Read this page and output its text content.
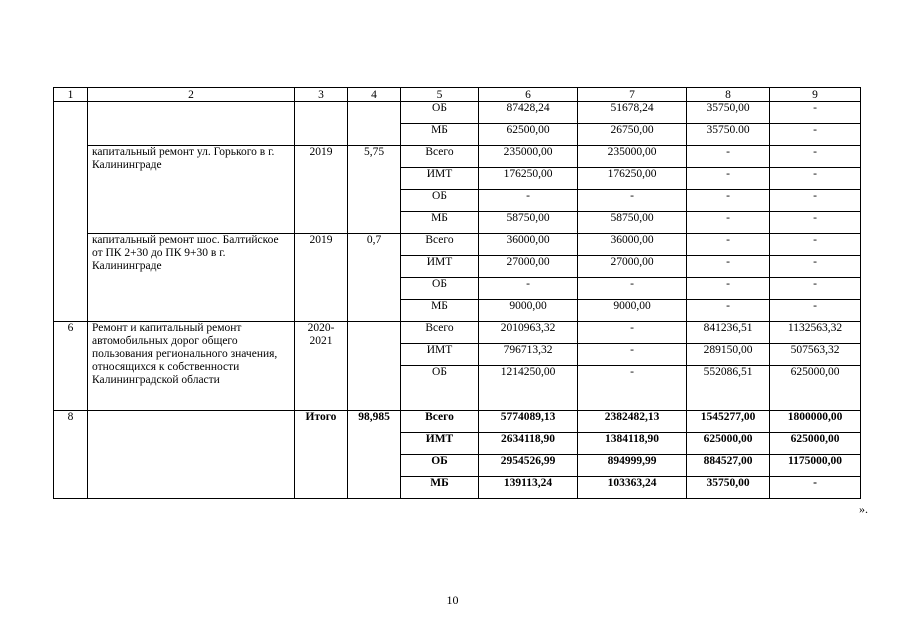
1	2	3	4	5	6	7	8	9
				ОБ	87428,24	51678,24	35750,00	-
				МБ	62500,00	26750,00	35750.00	-
	капитальный ремонт ул. Горького в г. Калининграде	2019	5,75	Всего	235000,00	235000,00	-	-
				ИМТ	176250,00	176250,00	-	-
				ОБ	-	-	-	-
				МБ	58750,00	58750,00	-	-
	капитальный ремонт шос. Балтийское от ПК 2+30 до ПК 9+30 в г. Калининграде	2019	0,7	Всего	36000,00	36000,00	-	-
				ИМТ	27000,00	27000,00	-	-
				ОБ	-	-	-	-
				МБ	9000,00	9000,00	-	-
6	Ремонт и капитальный ремонт автомобильных дорог общего пользования регионального значения, относящихся к собственности Калининградской области	2020-2021		Всего	2010963,32	-	841236,51	1132563,32
				ИМТ	796713,32	-	289150,00	507563,32
				ОБ	1214250,00	-	552086,51	625000,00
8		Итого	98,985	Всего	5774089,13	2382482,13	1545277,00	1800000,00
				ИМТ	2634118,90	1384118,90	625000,00	625000,00
				ОБ	2954526,99	894999,99	884527,00	1175000,00
				МБ	139113,24	103363,24	35750,00	-
».
10
